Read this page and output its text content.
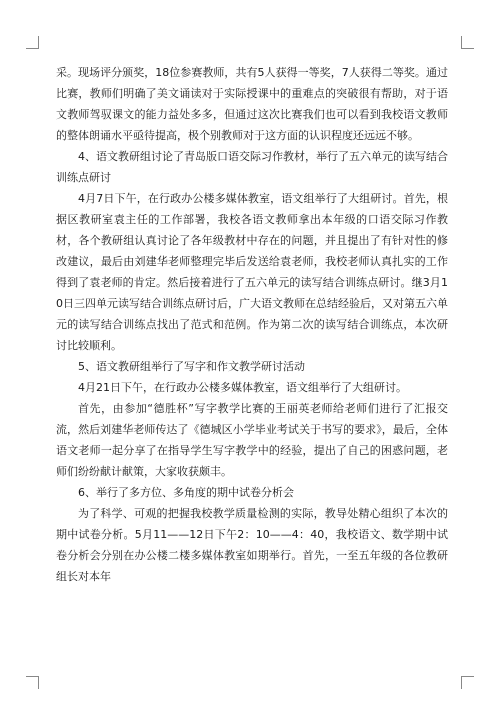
采。现场评分颁奖，18位参赛教师，共有5人获得一等奖，7人获得二等奖。通过比赛，教师们明确了美文诵读对于实际授课中的重难点的突破很有帮助，对于语文教师驾驭课文的能力益处多多，但通过这次比赛我们也可以看到我校语文教师的整体朗诵水平亟待提高，极个别教师对于这方面的认识程度还远远不够。

4、语文教研组讨论了青岛版口语交际习作教材，举行了五六单元的读写结合训练点研讨

4月7日下午，在行政办公楼多媒体教室，语文组举行了大组研讨。首先，根据区教研室袁主任的工作部署，我校各语文教师拿出本年级的口语交际习作教材，各个教研组认真讨论了各年级教材中存在的问题，并且提出了有针对性的修改建议，最后由刘建华老师整理完毕后发送给袁老师，我校老师认真扎实的工作得到了袁老师的肯定。然后接着进行了五六单元的读写结合训练点研讨。继3月10日三四单元读写结合训练点研讨后，广大语文教师在总结经验后，又对第五六单元的读写结合训练点找出了范式和范例。作为第二次的读写结合训练点，本次研讨比较顺利。

5、语文教研组举行了写字和作文教学研讨活动

4月21日下午，在行政办公楼多媒体教室，语文组举行了大组研讨。

首先，由参加“德胜杯”写字教学比赛的王丽英老师给老师们进行了汇报交流，然后刘建华老师传达了《德城区小学毕业考试关于书写的要求》，最后，全体语文老师一起分享了在指导学生写字教学中的经验，提出了自己的困惑问题，老师们纷纷献计献策，大家收获颇丰。

6、举行了多方位、多角度的期中试卷分析会

为了科学、可观的把握我校教学质量检测的实际，教导处精心组织了本次的期中试卷分析。5月11——12日下午2：10——4：40，我校语文、数学期中试卷分析会分别在办公楼二楼多媒体教室如期举行。首先，一至五年级的各位教研组长对本年
